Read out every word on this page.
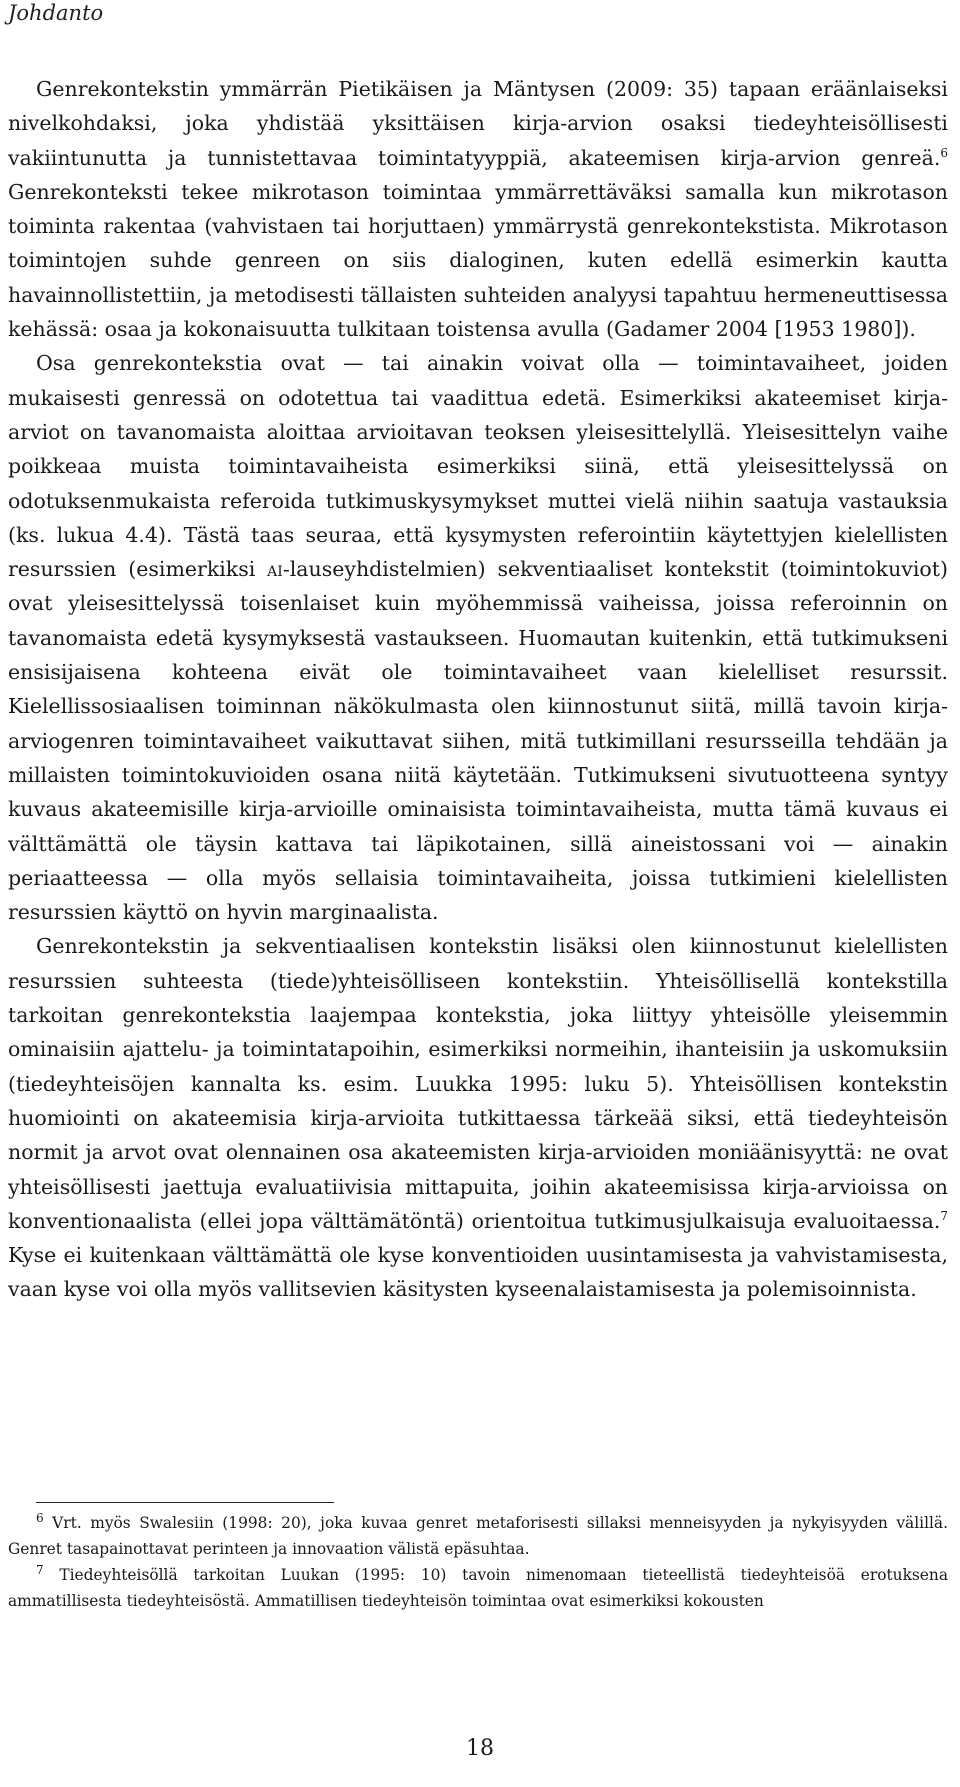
Johdanto

Genrekontekstin ymmärrän Pietikäisen ja Mäntysen (2009: 35) tapaan eräänlaiseksi nivelkohdaksi, joka yhdistää yksittäisen kirja-arvion osaksi tiedeyhteisöllisesti vakiintunutta ja tunnistettavaa toimintatyyppiä, akateemisen kirja-arvion genreä.$^6$ Genrekonteksti tekee mikrotason toimintaa ymmärrettäväksi samalla kun mikrotason toiminta rakentaa (vahvistaen tai horjuttaen) ymmärrystä genrekontekstista. Mikrotason toimintojen suhde genreen on siis dialoginen, kuten edellä esimerkin kautta havainnollistettiin, ja metodisesti tällaisten suhteiden analyysi tapahtuu hermeneuttisessa kehässä: osaa ja kokonaisuutta tulkitaan toistensa avulla (Gadamer 2004 [1953 1980]).

Osa genrekontekstia ovat — tai ainakin voivat olla — toimintavaiheet, joiden mukaisesti genressä on odotettua tai vaadittua edetä. Esimerkiksi akateemiset kirja-arviot on tavanomaista aloittaa arvioitavan teoksen yleisesittelyllä. Yleisesittelyn vaihe poikkeaa muista toimintavaiheista esimerkiksi siinä, että yleisesittelyssä on odotuksenmukaista referoida tutkimuskysymykset muttei vielä niihin saatuja vastauksia (ks. lukua 4.4). Tästä taas seuraa, että kysymysten referointiin käytettyjen kielellisten resurssien (esimerkiksi ai-lauseyhdistelmien) sekventiaaliset kontekstit (toimintokuviot) ovat yleisesittelyssä toisenlaiset kuin myöhemmissä vaiheissa, joissa referoinnin on tavanomaista edetä kysymyksestä vastaukseen. Huomautan kuitenkin, että tutkimukseni ensisijaisena kohteena eivät ole toimintavaiheet vaan kielelliset resurssit. Kielellissosiaalisen toiminnan näkökulmasta olen kiinnostunut siitä, millä tavoin kirja-arviogenren toimintavaiheet vaikuttavat siihen, mitä tutkimillani resursseilla tehdään ja millaisten toimintokuvioiden osana niitä käytetään. Tutkimukseni sivutuotteena syntyy kuvaus akateemisille kirja-arvioille ominaisista toimintavaiheista, mutta tämä kuvaus ei välttämättä ole täysin kattava tai läpikotainen, sillä aineistossani voi — ainakin periaatteessa — olla myös sellaisia toimintavaiheita, joissa tutkimieni kielellisten resurssien käyttö on hyvin marginaalista.

Genrekontekstin ja sekventiaalisen kontekstin lisäksi olen kiinnostunut kielellisten resurssien suhteesta (tiede)yhteisölliseen kontekstiin. Yhteisöllisellä kontekstilla tarkoitan genrekontekstia laajempaa kontekstia, joka liittyy yhteisölle yleisemmin ominaisiin ajattelu- ja toimintatapoihin, esimerkiksi normeihin, ihanteisiin ja uskomuksiin (tiedeyhteisöjen kannalta ks. esim. Luukka 1995: luku 5). Yhteisöllisen kontekstin huomiointi on akateemisia kirja-arvioita tutkittaessa tärkeää siksi, että tiedeyhteisön normit ja arvot ovat olennainen osa akateemisten kirja-arvioiden moniäänisyyttä: ne ovat yhteisöllisesti jaettuja evaluatiivisia mittapuita, joihin akateemisissa kirja-arvioissa on konventionaalista (ellei jopa välttämätöntä) orientoitua tutkimusjulkaisuja evaluoitaessa.$^7$ Kyse ei kuitenkaan välttämättä ole kyse konventioiden uusintamisesta ja vahvistamisesta, vaan kyse voi olla myös vallitsevien käsitysten kyseenalaistamisesta ja polemisoinnista.

$^6$ Vrt. myös Swalesiin (1998: 20), joka kuvaa genret metaforisesti sillaksi menneisyyden ja nykyisyyden välillä. Genret tasapainottavat perinteen ja innovaation välistä epäsuhtaa.

$^7$ Tiedeyhteisöllä tarkoitan Luukan (1995: 10) tavoin nimenomaan tieteellistä tiedeyhteisöä erotuksena ammatillisesta tiedeyhteisöstä. Ammatillisen tiedeyhteisön toimintaa ovat esimerkiksi kokousten

18
